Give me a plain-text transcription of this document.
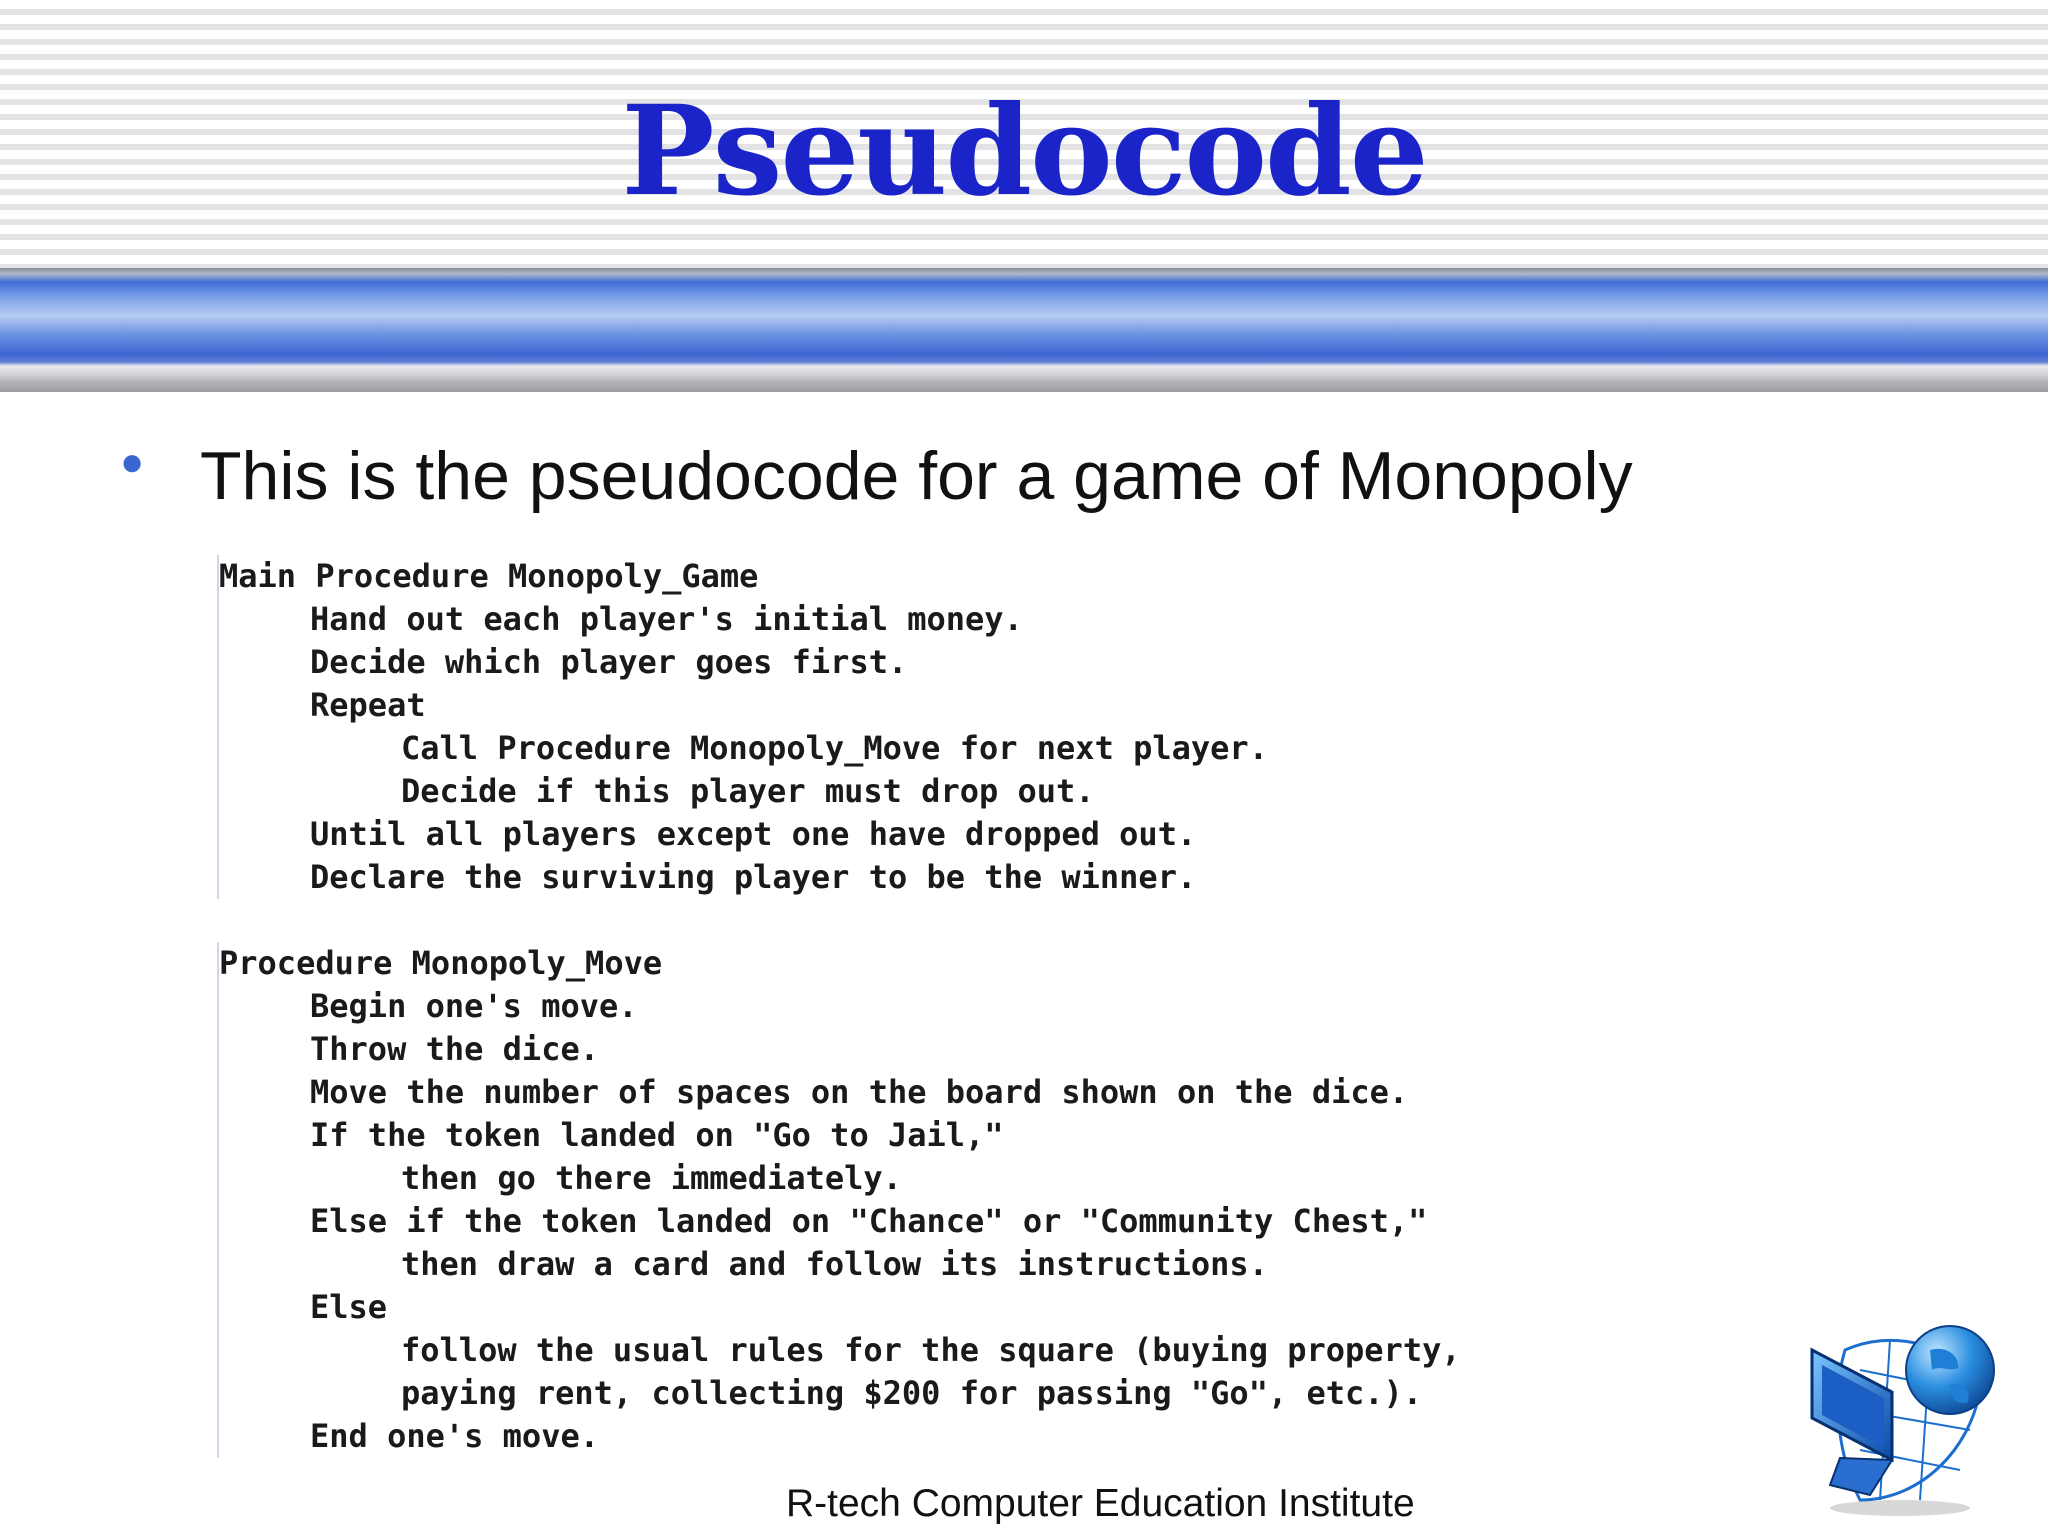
Pseudocode
● This is the pseudocode for a game of Monopoly
Main Procedure Monopoly_Game
Hand out each player's initial money.
Decide which player goes first.
Repeat
Call Procedure Monopoly_Move for next player.
Decide if this player must drop out.
Until all players except one have dropped out.
Declare the surviving player to be the winner.
Procedure Monopoly_Move
Begin one's move.
Throw the dice.
Move the number of spaces on the board shown on the dice.
If the token landed on "Go to Jail,"
then go there immediately.
Else if the token landed on "Chance" or "Community Chest,"
then draw a card and follow its instructions.
Else
follow the usual rules for the square (buying property,
paying rent, collecting $200 for passing "Go", etc.).
End one's move.
R-tech Computer Education Institute
